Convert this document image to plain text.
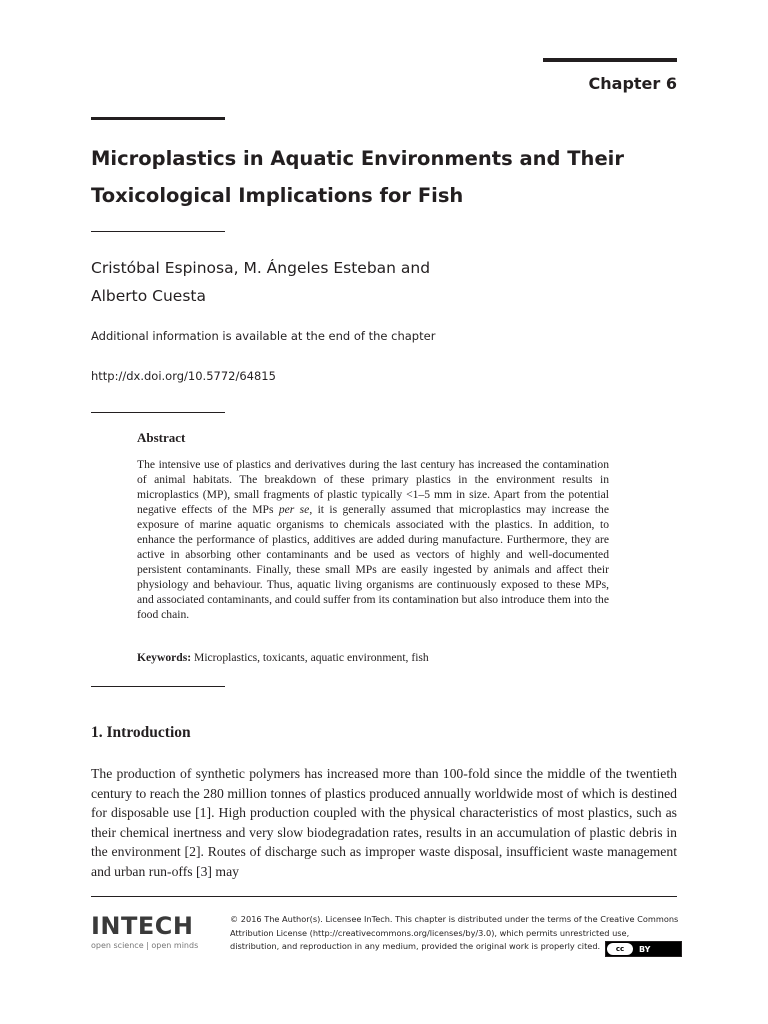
Chapter 6
Microplastics in Aquatic Environments and Their
Toxicological Implications for Fish
Cristóbal Espinosa, M. Ángeles Esteban and
Alberto Cuesta
Additional information is available at the end of the chapter
http://dx.doi.org/10.5772/64815
Abstract

The intensive use of plastics and derivatives during the last century has increased the contamination of animal habitats. The breakdown of these primary plastics in the environment results in microplastics (MP), small fragments of plastic typically <1–5 mm in size. Apart from the potential negative effects of the MPs per se, it is generally assumed that microplastics may increase the exposure of marine aquatic organisms to chemicals associated with the plastics. In addition, to enhance the performance of plastics, additives are added during manufacture. Furthermore, they are active in absorbing other contaminants and be used as vectors of highly and well-documented persistent contaminants. Finally, these small MPs are easily ingested by animals and affect their physiology and behaviour. Thus, aquatic living organisms are continuously exposed to these MPs, and associated contaminants, and could suffer from its contamination but also introduce them into the food chain.

Keywords: Microplastics, toxicants, aquatic environment, fish
1. Introduction

The production of synthetic polymers has increased more than 100-fold since the middle of the twentieth century to reach the 280 million tonnes of plastics produced annually worldwide most of which is destined for disposable use [1]. High production coupled with the physical characteristics of most plastics, such as their chemical inertness and very slow biodegradation rates, results in an accumulation of plastic debris in the environment [2]. Routes of discharge such as improper waste disposal, insufficient waste management and urban run-offs [3] may

INTECH
open science | open minds
© 2016 The Author(s). Licensee InTech. This chapter is distributed under the terms of the Creative Commons
Attribution License (http://creativecommons.org/licenses/by/3.0), which permits unrestricted use,
distribution, and reproduction in any medium, provided the original work is properly cited.	cc	BY
